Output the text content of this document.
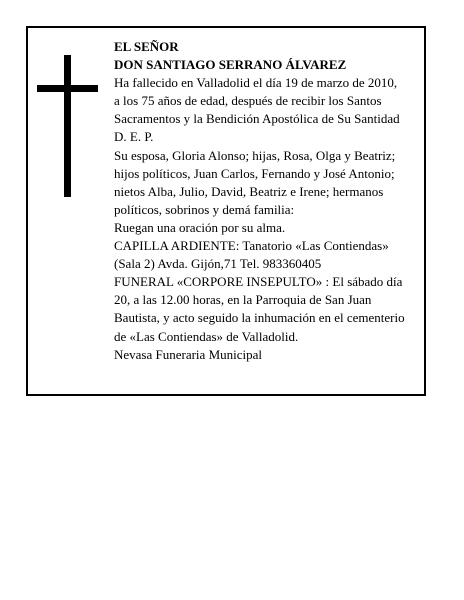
EL SEÑOR
DON SANTIAGO SERRANO ÁLVAREZ
Ha fallecido en Valladolid el día 19 de marzo de 2010,
a los 75 años de edad, después de recibir los Santos
Sacramentos y la Bendición Apostólica de Su Santidad
D. E. P.
Su esposa, Gloria Alonso; hijas, Rosa, Olga y Beatriz;
hijos políticos, Juan Carlos, Fernando y José Antonio;
nietos Alba, Julio, David, Beatriz e Irene; hermanos
políticos, sobrinos y demá familia:
Ruegan una oración por su alma.
CAPILLA ARDIENTE: Tanatorio «Las Contiendas»
(Sala 2) Avda. Gijón,71 Tel. 983360405
FUNERAL «CORPORE INSEPULTO» : El sábado día
20, a las 12.00 horas, en la Parroquia de San Juan
Bautista, y acto seguido la inhumación en el cementerio
de «Las Contiendas» de Valladolid.
Nevasa Funeraria Municipal
